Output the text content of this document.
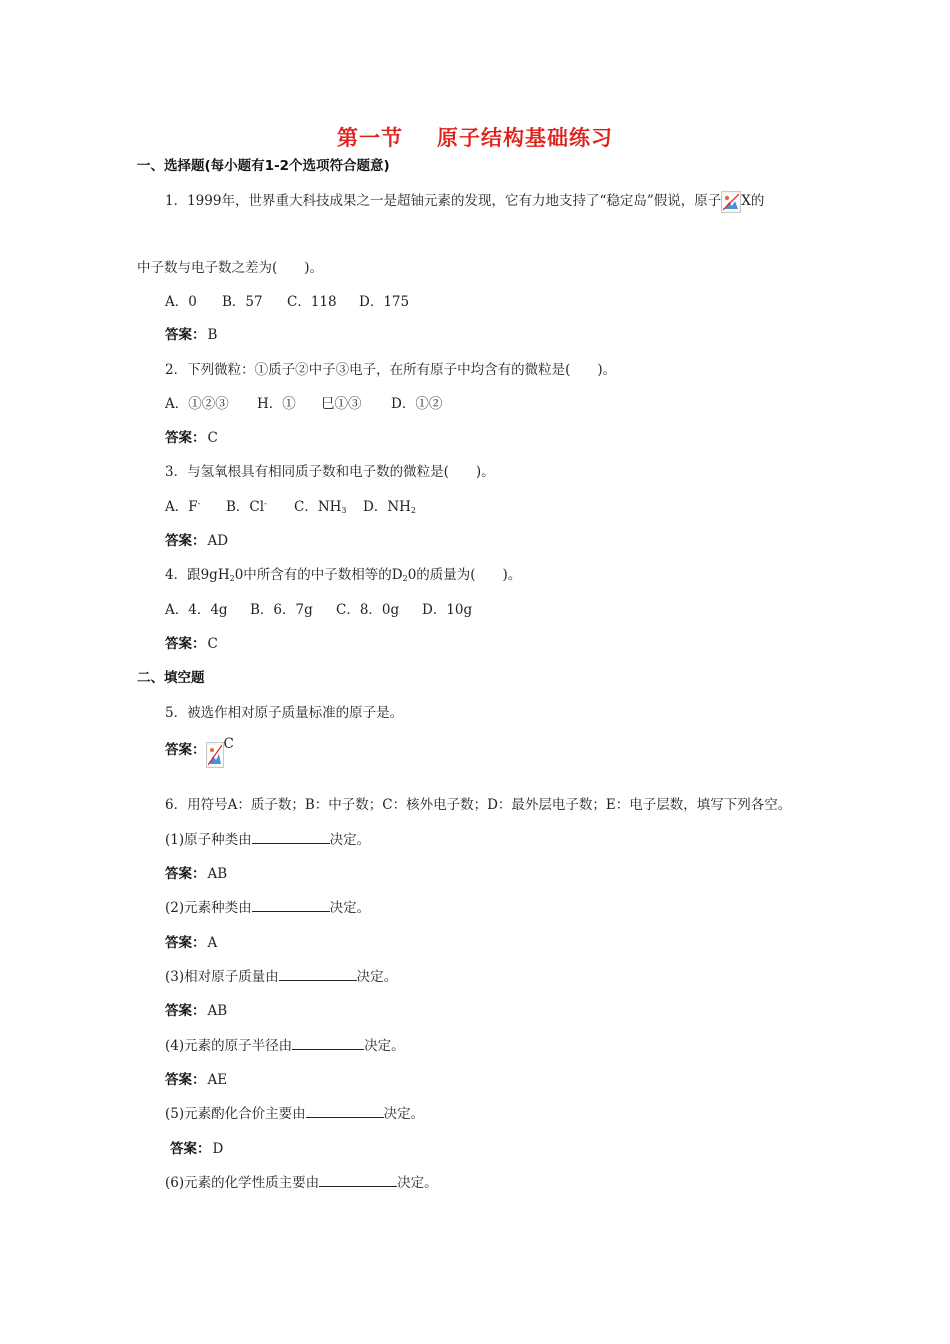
第一节 原子结构基础练习
一、选择题(每小题有1-2个选项符合题意)
1．1999年，世界重大科技成果之一是超铀元素的发现，它有力地支持了“稳定岛”假说，原子 X的
中子数与电子数之差为(　　)。
A．0 B．57 C．118 D．175
答案： B
2．下列微粒：①质子②中子③电子，在所有原子中均含有的微粒是(　　)。
A．①②③ H．① 巳①③ D．①②
答案： C
3．与氢氧根具有相同质子数和电子数的微粒是(　　)。
A．F- B．Cl- C．$NH_3$ D．$NH_2$
答案： AD
4．跟$9gH_20$中所含有的中子数相等的$D_20$的质量为(　　)。
A．4．4g B．6．7g C．8．0g D．10g
答案： C
二、填空题
5．被选作相对原子质量标准的原子是。
答案： $^C$
6．用符号A：质子数；B：中子数；C：核外电子数；D：最外层电子数；E：电子层数，填写下列各空。
(1)原子种类由	决定。
答案： AB
(2)元素种类由	决定。
答案： A
(3)相对原子质量由	决定。
答案： AB
(4)元素的原子半径由	决定。
答案： AE
(5)元素酌化合价主要由	决定。
答案： D
(6)元素的化学性质主要由	决定。
